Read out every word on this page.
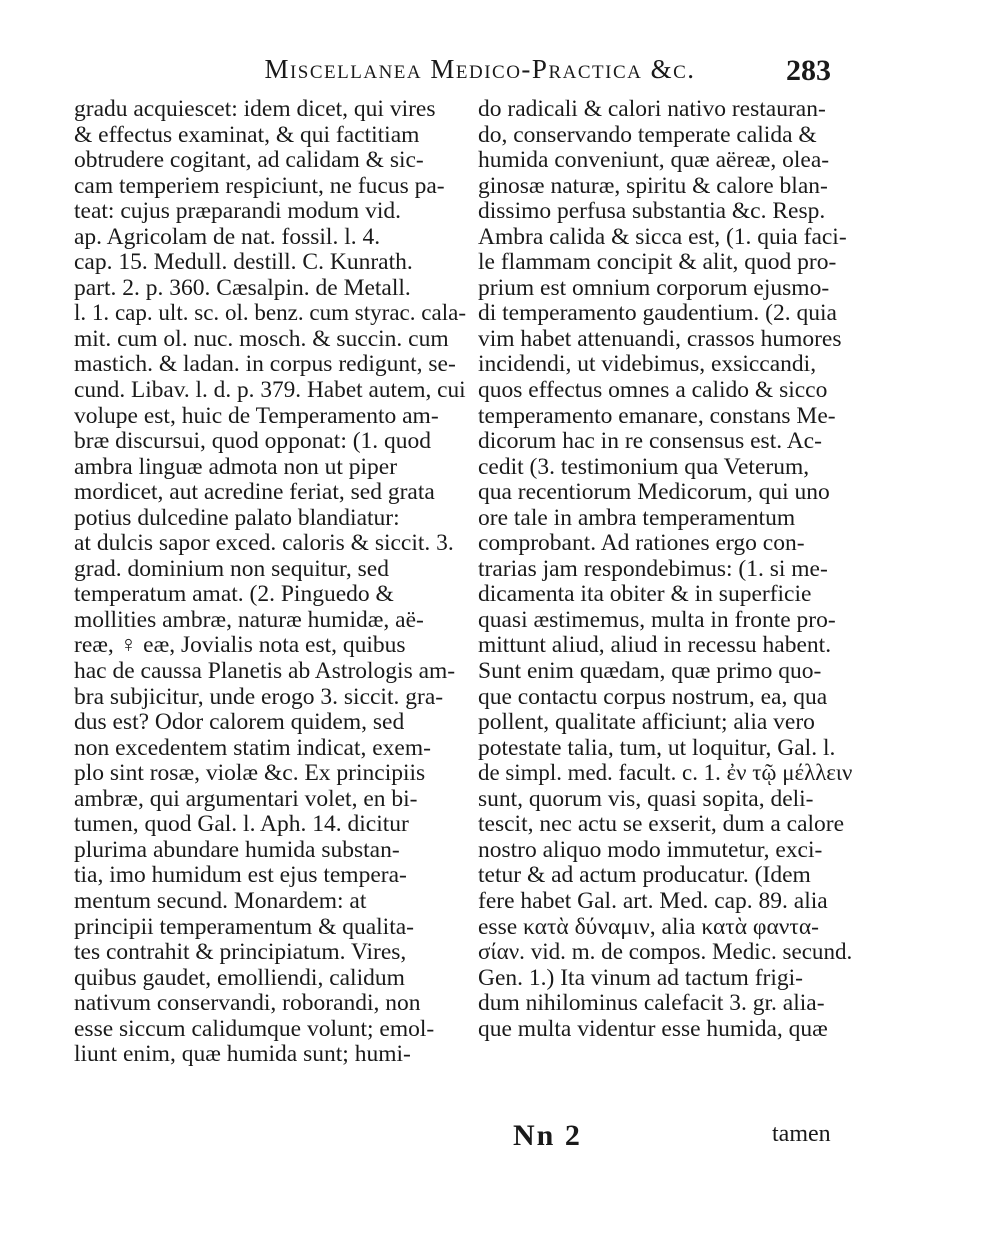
Miscellanea Medico-Practica &c.	283
gradu acquiescet: idem dicet, qui vires
& effectus examinat, & qui factitiam
obtrudere cogitant, ad calidam & sic-
cam temperiem respiciunt, ne fucus pa-
teat: cujus præparandi modum vid.
ap. Agricolam de nat. fossil. l. 4.
cap. 15. Medull. destill. C. Kunrath.
part. 2. p. 360. Cæsalpin. de Metall.
l. 1. cap. ult. sc. ol. benz. cum styrac. cala-
mit. cum ol. nuc. mosch. & succin. cum
mastich. & ladan. in corpus redigunt, se-
cund. Libav. l. d. p. 379. Habet autem, cui
volupe est, huic de Temperamento am-
bræ discursui, quod opponat: (1. quod
ambra linguæ admota non ut piper
mordicet, aut acredine feriat, sed grata
potius dulcedine palato blandiatur:
at dulcis sapor exced. caloris & siccit. 3.
grad. dominium non sequitur, sed
temperatum amat. (2. Pinguedo &
mollities ambræ, naturæ humidæ, aë-
reæ, ♀ eæ, Jovialis nota est, quibus
hac de caussa Planetis ab Astrologis am-
bra subjicitur, unde erogo 3. siccit. gra-
dus est? Odor calorem quidem, sed
non excedentem statim indicat, exem-
plo sint rosæ, violæ &c. Ex principiis
ambræ, qui argumentari volet, en bi-
tumen, quod Gal. l. Aph. 14. dicitur
plurima abundare humida substan-
tia, imo humidum est ejus tempera-
mentum secund. Monardem: at
principii temperamentum & qualita-
tes contrahit & principiatum. Vires,
quibus gaudet, emolliendi, calidum
nativum conservandi, roborandi, non
esse siccum calidumque volunt; emol-
liunt enim, quæ humida sunt; humi-
do radicali & calori nativo restauran-
do, conservando temperate calida &
humida conveniunt, quæ aëreæ, olea-
ginosæ naturæ, spiritu & calore blan-
dissimo perfusa substantia &c. Resp.
Ambra calida & sicca est, (1. quia faci-
le flammam concipit & alit, quod pro-
prium est omnium corporum ejusmo-
di temperamento gaudentium. (2. quia
vim habet attenuandi, crassos humores
incidendi, ut videbimus, exsiccandi,
quos effectus omnes a calido & sicco
temperamento emanare, constans Me-
dicorum hac in re consensus est. Ac-
cedit (3. testimonium qua Veterum,
qua recentiorum Medicorum, qui uno
ore tale in ambra temperamentum
comprobant. Ad rationes ergo con-
trarias jam respondebimus: (1. si me-
dicamenta ita obiter & in superficie
quasi æstimemus, multa in fronte pro-
mittunt aliud, aliud in recessu habent.
Sunt enim quædam, quæ primo quo-
que contactu corpus nostrum, ea, qua
pollent, qualitate afficiunt; alia vero
potestate talia, tum, ut loquitur, Gal. l.
de simpl. med. facult. c. 1. ἐν τῷ μέλλειν
sunt, quorum vis, quasi sopita, deli-
tescit, nec actu se exserit, dum a calore
nostro aliquo modo immutetur, exci-
tetur & ad actum producatur. (Idem
fere habet Gal. art. Med. cap. 89. alia
esse κατὰ δύναμιν, alia κατὰ φαντα-
σίαν. vid. m. de compos. Medic. secund.
Gen. 1.) Ita vinum ad tactum frigi-
dum nihilominus calefacit 3. gr. alia-
que multa videntur esse humida, quæ
Nn 2	tamen
